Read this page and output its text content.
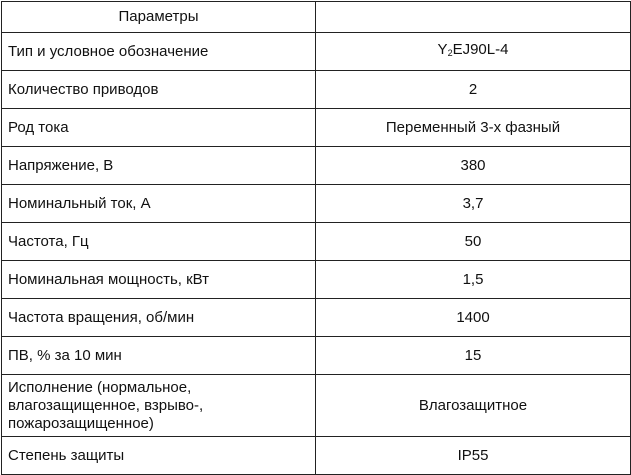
Параметры	
Тип и условное обозначение	$Y_2EJ90L-4$
Количество приводов	2
Род тока	Переменный 3-х фазный
Напряжение, В	380
Номинальный ток, А	3,7
Частота, Гц	50
Номинальная мощность, кВт	1,5
Частота вращения, об/мин	1400
ПВ, % за 10 мин	15

Исполнение (нормальное,
влагозащищенное, взрыво-,
пожарозащищенное)	Влагозащитное
Степень защиты	IP55
